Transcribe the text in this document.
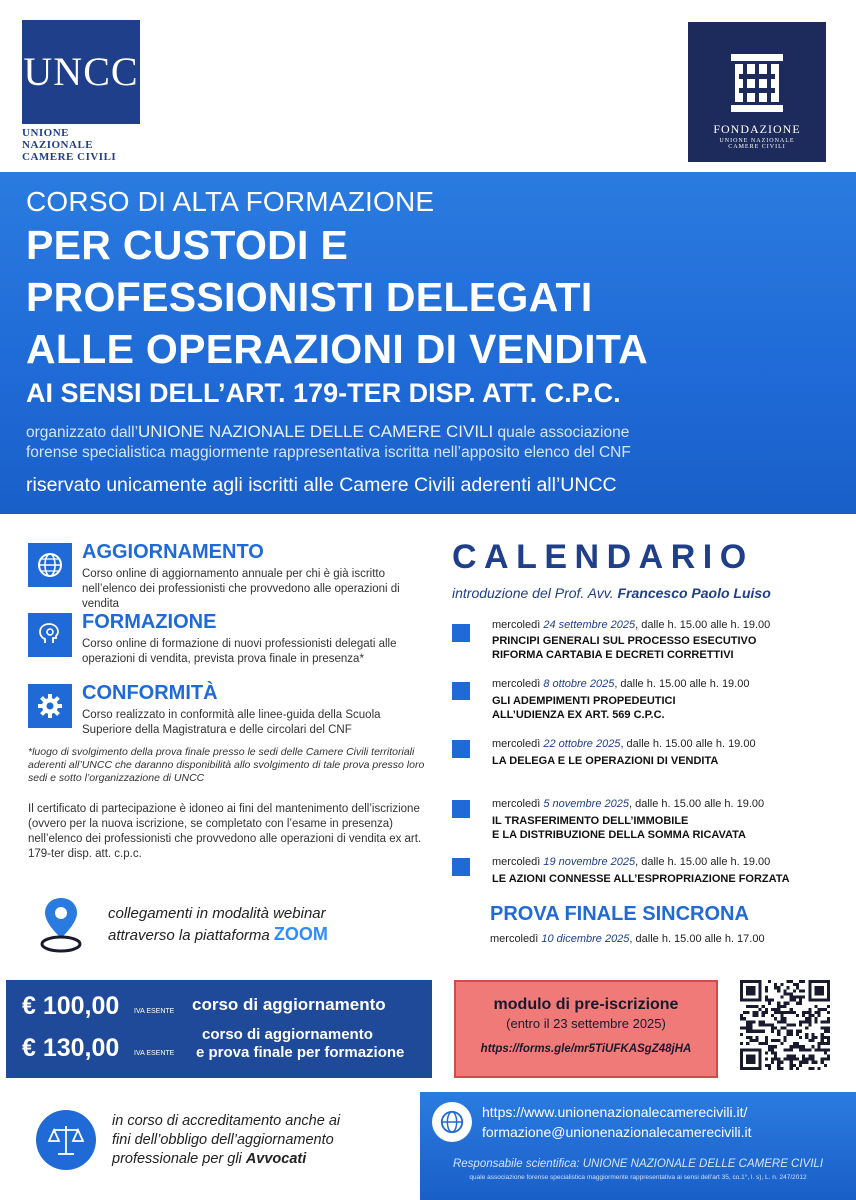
UNCC
UNIONE NAZIONALE
CAMERE CIVILI
FONDAZIONE
UNIONE NAZIONALE
CAMERE CIVILI
CORSO DI ALTA FORMAZIONE
PER CUSTODI E
PROFESSIONISTI DELEGATI
ALLE OPERAZIONI DI VENDITA
AI SENSI DELL’ART. 179-TER DISP. ATT. C.P.C.
organizzato dall’UNIONE NAZIONALE DELLE CAMERE CIVILI quale associazione
forense specialistica maggiormente rappresentativa iscritta nell’apposito elenco del CNF
riservato unicamente agli iscritti alle Camere Civili aderenti all’UNCC
AGGIORNAMENTO
Corso online di aggiornamento annuale per chi è già iscritto nell’elenco dei professionisti che provvedono alle operazioni di vendita
FORMAZIONE
Corso online di formazione di nuovi professionisti delegati alle operazioni di vendita, prevista prova finale in presenza*
CONFORMITÀ
Corso realizzato in conformità alle linee-guida della Scuola Superiore della Magistratura e delle circolari del CNF
*luogo di svolgimento della prova finale presso le sedi delle Camere Civili territoriali aderenti all’UNCC che daranno disponibilità allo svolgimento di tale prova presso loro sedi e sotto l’organizzazione di UNCC
Il certificato di partecipazione è idoneo ai fini del mantenimento dell’iscrizione (ovvero per la nuova iscrizione, se completato con l’esame in presenza) nell’elenco dei professionisti che provvedono alle operazioni di vendita ex art. 179-ter disp. att. c.p.c.
collegamenti in modalità webinar
attraverso la piattaforma ZOOM
CALENDARIO
introduzione del Prof. Avv. Francesco Paolo Luiso
mercoledì 24 settembre 2025, dalle h. 15.00 alle h. 19.00
PRINCIPI GENERALI SUL PROCESSO ESECUTIVO
RIFORMA CARTABIA E DECRETI CORRETTIVI
mercoledì 8 ottobre 2025, dalle h. 15.00 alle h. 19.00
GLI ADEMPIMENTI PROPEDEUTICI
ALL’UDIENZA EX ART. 569 C.P.C.
mercoledì 22 ottobre 2025, dalle h. 15.00 alle h. 19.00
LA DELEGA E LE OPERAZIONI DI VENDITA
mercoledì 5 novembre 2025, dalle h. 15.00 alle h. 19.00
IL TRASFERIMENTO DELL’IMMOBILE
E LA DISTRIBUZIONE DELLA SOMMA RICAVATA
mercoledì 19 novembre 2025, dalle h. 15.00 alle h. 19.00
LE AZIONI CONNESSE ALL’ESPROPRIAZIONE FORZATA
PROVA FINALE SINCRONA
mercoledì 10 dicembre 2025, dalle h. 15.00 alle h. 17.00
€ 100,00 IVA ESENTE corso di aggiornamento
€ 130,00 IVA ESENTE
corso di aggiornamento
e prova finale per formazione
modulo di pre-iscrizione
(entro il 23 settembre 2025)
https://forms.gle/mr5TiUFKASgZ48jHA
in corso di accreditamento anche ai
fini dell’obbligo dell’aggiornamento
professionale per gli Avvocati
https://www.unionenazionalecamerecivili.it/
formazione@unionenazionalecamerecivili.it
Responsabile scientifica: UNIONE NAZIONALE DELLE CAMERE CIVILI
quale associazione forense specialistica maggiormente rappresentativa ai sensi dell’art 35, co.1°, l. s), L. n. 247/2012
